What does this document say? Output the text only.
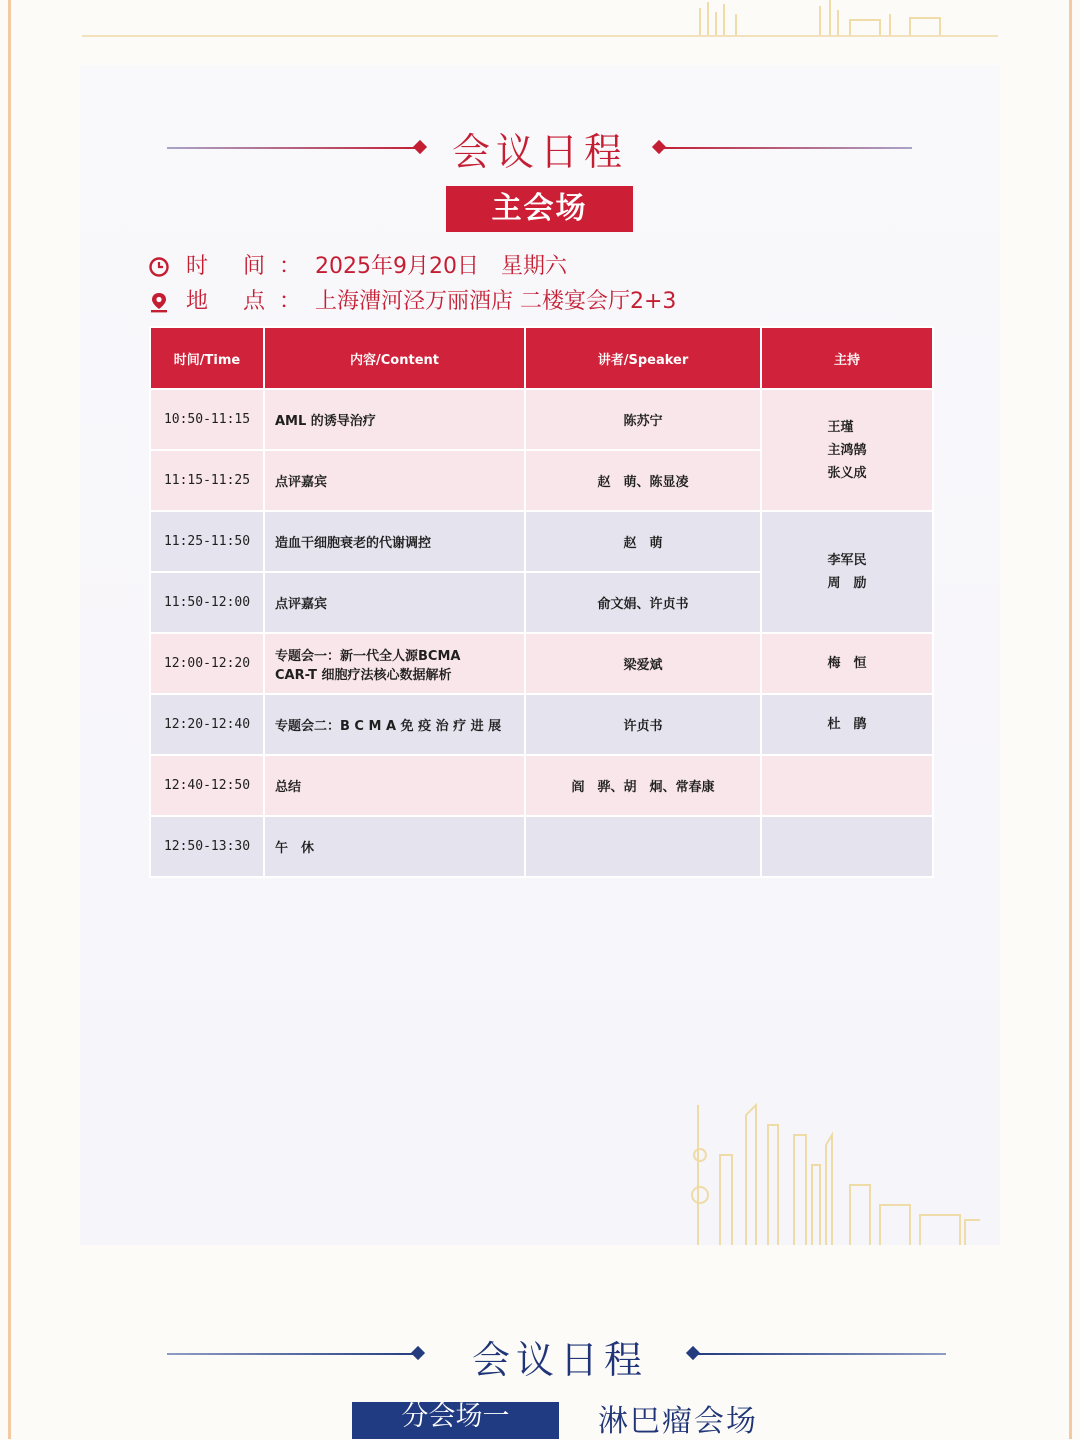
会议日程
主会场
时 间：2025年9月20日　星期六
地 点：上海漕河泾万丽酒店 二楼宴会厅2+3
时间/Time	内容/Content	讲者/Speaker	主持
10:50-11:15	AML 的诱导治疗	陈苏宁	王瑾
主鸿鹄
张义成

11:15-11:25	点评嘉宾	赵　萌、陈显凌	
11:25-11:50	造血干细胞衰老的代谢调控	赵　萌	李军民
周　励

11:50-12:00	点评嘉宾	俞文娟、许贞书	
12:00-12:20	专题会一：新一代全人源BCMA
CAR-T 细胞疗法核心数据解析	梁爱斌	梅　恒
12:20-12:40	专题会二：B C M A 免 疫 治 疗 进 展	许贞书	杜　鹃
12:40-12:50	总结	阎　骅、胡　炯、常春康	
12:50-13:30	午　休		
会议日程
分会场一	淋巴瘤会场
